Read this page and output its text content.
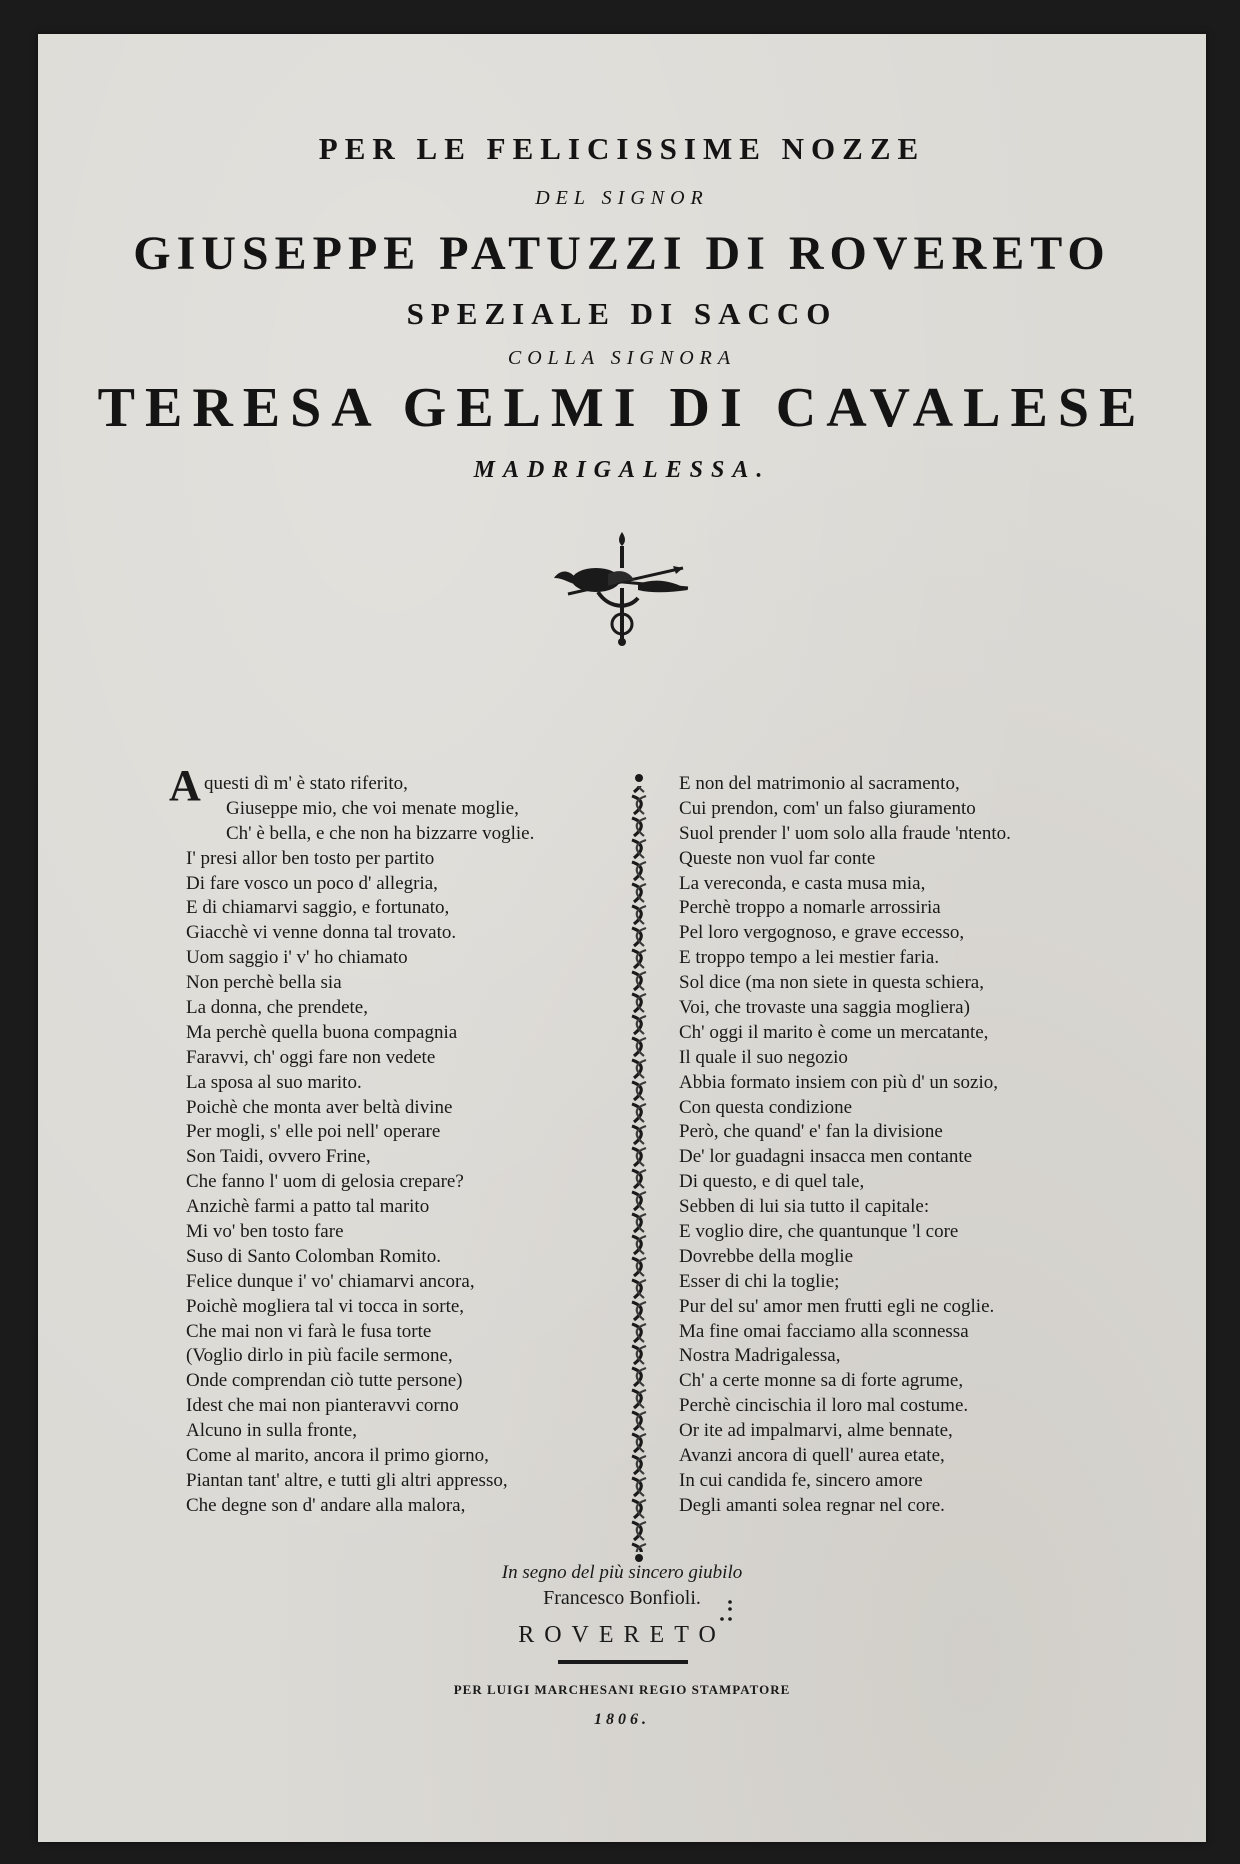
PER LE FELICISSIME NOZZE
DEL SIGNOR
GIUSEPPE PATUZZI DI ROVERETO
SPEZIALE DI SACCO
COLLA SIGNORA
TERESA GELMI DI CAVALESE
MADRIGALESSA.
A questi dì m' è stato riferito,
Giuseppe mio, che voi menate moglie,
Ch' è bella, e che non ha bizzarre voglie.
I' presi allor ben tosto per partito
Di fare vosco un poco d' allegria,
E di chiamarvi saggio, e fortunato,
Giacchè vi venne donna tal trovato.
Uom saggio i' v' ho chiamato
Non perchè bella sia
La donna, che prendete,
Ma perchè quella buona compagnia
Faravvi, ch' oggi fare non vedete
La sposa al suo marito.
Poichè che monta aver beltà divine
Per mogli, s' elle poi nell' operare
Son Taidi, ovvero Frine,
Che fanno l' uom di gelosia crepare?
Anzichè farmi a patto tal marito
Mi vo' ben tosto fare
Suso di Santo Colomban Romito.
Felice dunque i' vo' chiamarvi ancora,
Poichè mogliera tal vi tocca in sorte,
Che mai non vi farà le fusa torte
(Voglio dirlo in più facile sermone,
Onde comprendan ciò tutte persone)
Idest che mai non pianteravvi corno
Alcuno in sulla fronte,
Come al marito, ancora il primo giorno,
Piantan tant' altre, e tutti gli altri appresso,
Che degne son d' andare alla malora,
E non del matrimonio al sacramento,
Cui prendon, com' un falso giuramento
Suol prender l' uom solo alla fraude 'ntento.
Queste non vuol far conte
La vereconda, e casta musa mia,
Perchè troppo a nomarle arrossiria
Pel loro vergognoso, e grave eccesso,
E troppo tempo a lei mestier faria.
Sol dice (ma non siete in questa schiera,
Voi, che trovaste una saggia mogliera)
Ch' oggi il marito è come un mercatante,
Il quale il suo negozio
Abbia formato insiem con più d' un sozio,
Con questa condizione
Però, che quand' e' fan la divisione
De' lor guadagni insacca men contante
Di questo, e di quel tale,
Sebben di lui sia tutto il capitale:
E voglio dire, che quantunque 'l core
Dovrebbe della moglie
Esser di chi la toglie;
Pur del su' amor men frutti egli ne coglie.
Ma fine omai facciamo alla sconnessa
Nostra Madrigalessa,
Ch' a certe monne sa di forte agrume,
Perchè cincischia il loro mal costume.
Or ite ad impalmarvi, alme bennate,
Avanzi ancora di quell' aurea etate,
In cui candida fe, sincero amore
Degli amanti solea regnar nel core.
In segno del più sincero giubilo
Francesco Bonfioli.
ROVERETO
PER LUIGI MARCHESANI REGIO STAMPATORE
1806.
